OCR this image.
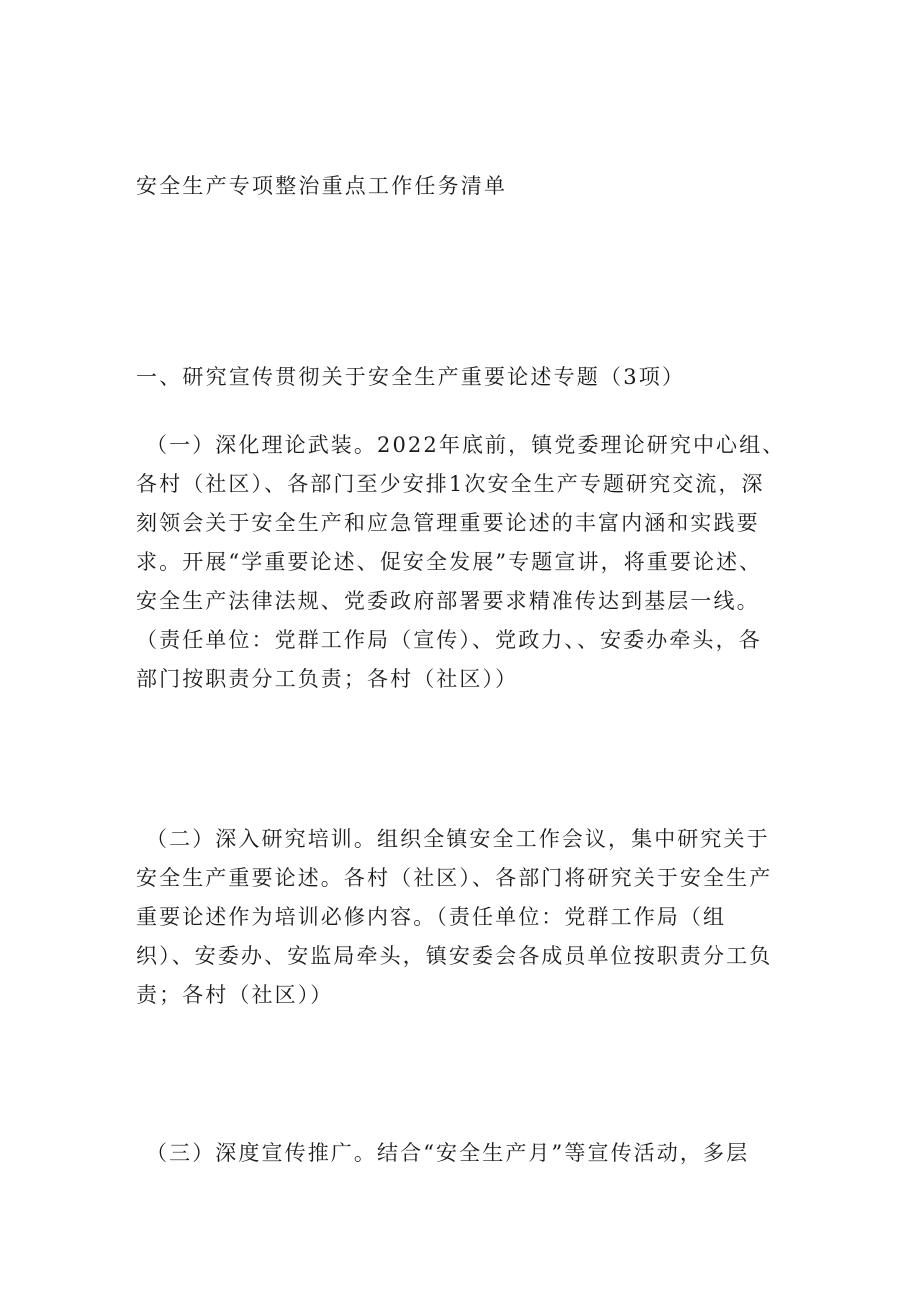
安全生产专项整治重点工作任务清单
一、研究宣传贯彻关于安全生产重要论述专题（3项）
（一）深化理论武装。2022年底前，镇党委理论研究中心组、
各村（社区）、各部门至少安排1次安全生产专题研究交流，深
刻领会关于安全生产和应急管理重要论述的丰富内涵和实践要
求。开展“学重要论述、促安全发展”专题宣讲，将重要论述、
安全生产法律法规、党委政府部署要求精准传达到基层一线。
（责任单位：党群工作局（宣传）、党政力、、安委办牵头，各
部门按职责分工负责；各村（社区））
（二）深入研究培训。组织全镇安全工作会议，集中研究关于
安全生产重要论述。各村（社区）、各部门将研究关于安全生产
重要论述作为培训必修内容。（责任单位：党群工作局（组
织）、安委办、安监局牵头，镇安委会各成员单位按职责分工负
责；各村（社区））
（三）深度宣传推广。结合“安全生产月”等宣传活动，多层
